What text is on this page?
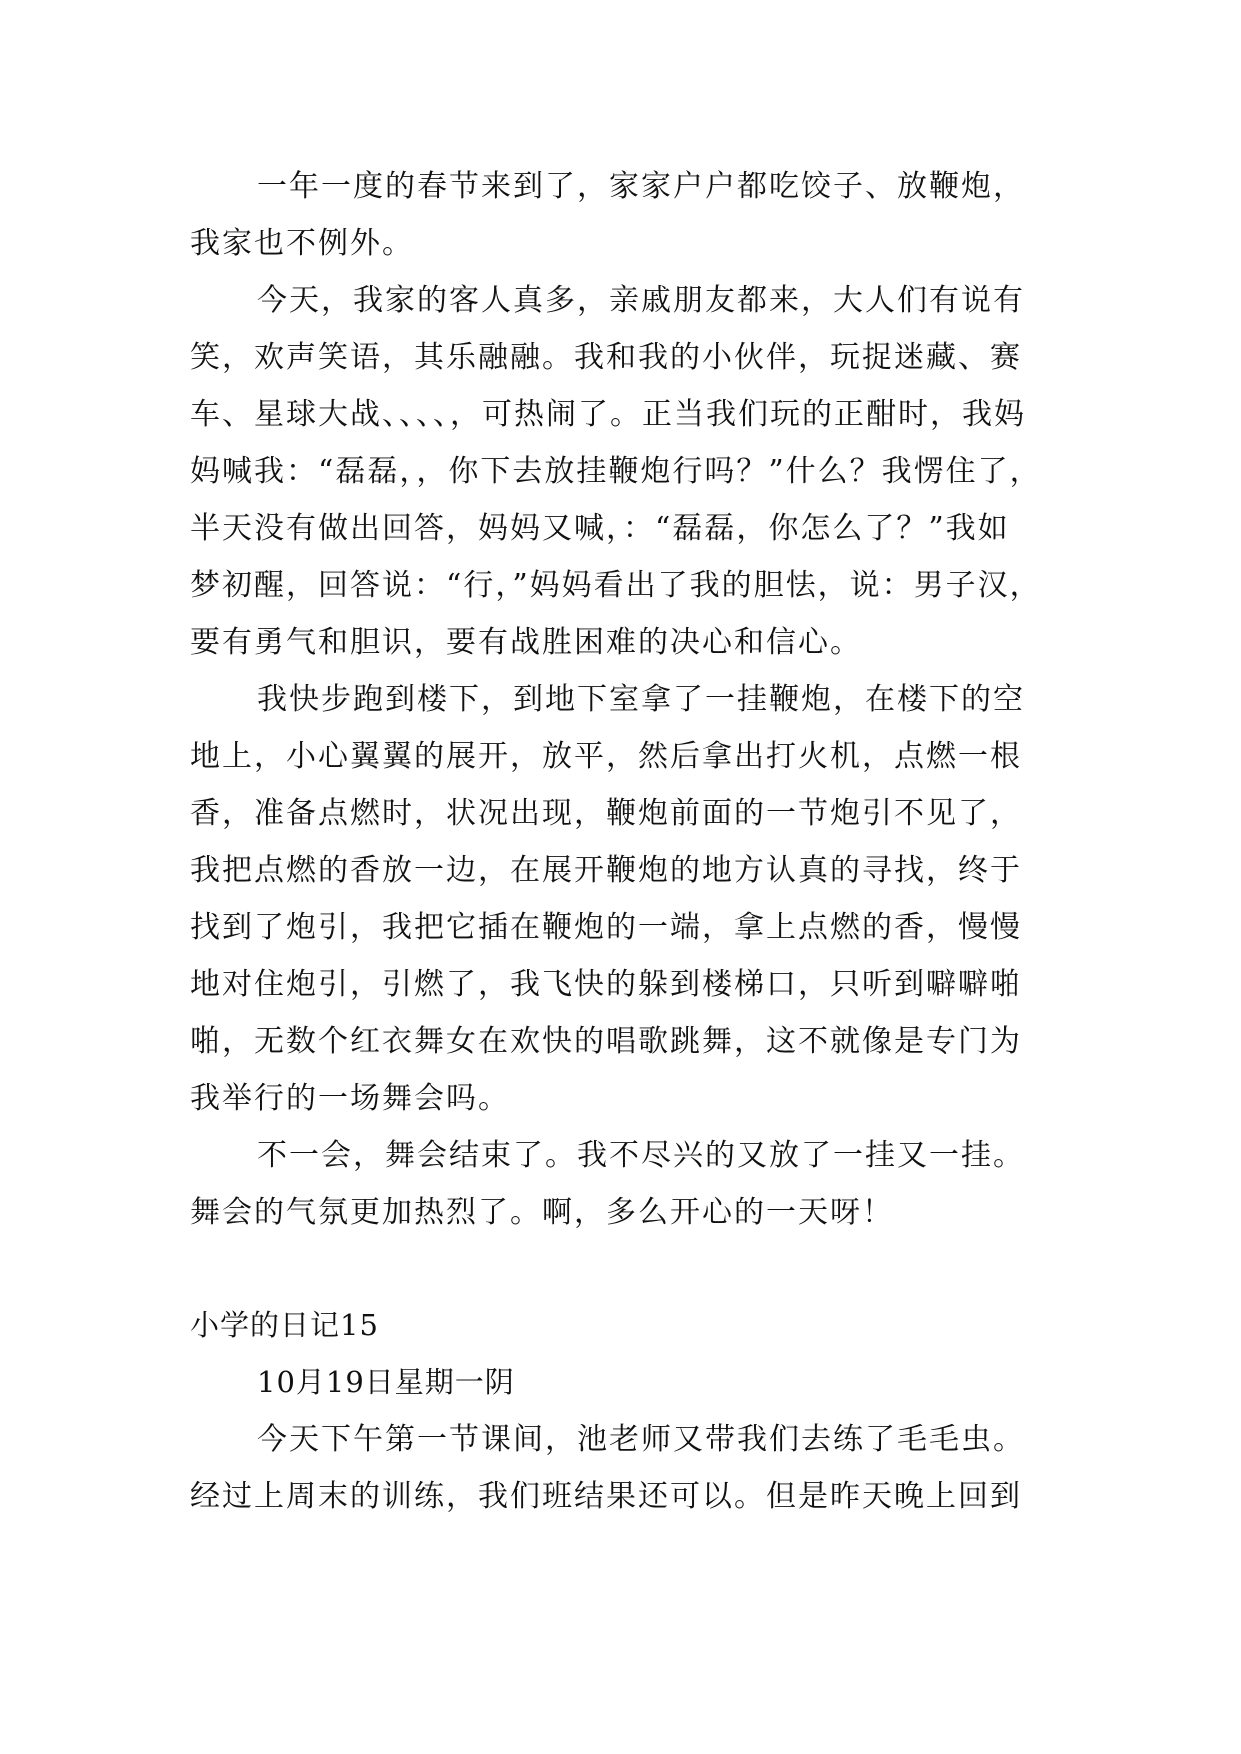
一年一度的春节来到了，家家户户都吃饺子、放鞭炮，
我家也不例外。
今天，我家的客人真多，亲戚朋友都来，大人们有说有
笑，欢声笑语，其乐融融。我和我的小伙伴，玩捉迷藏、赛
车、星球大战、、、、，可热闹了。正当我们玩的正酣时，我妈
妈喊我：“磊磊，，你下去放挂鞭炮行吗？”什么？我愣住了，
半天没有做出回答，妈妈又喊，：“磊磊，你怎么了？”我如
梦初醒，回答说：“行，”妈妈看出了我的胆怯，说：男子汉，
要有勇气和胆识，要有战胜困难的决心和信心。
我快步跑到楼下，到地下室拿了一挂鞭炮，在楼下的空
地上，小心翼翼的展开，放平，然后拿出打火机，点燃一根
香，准备点燃时，状况出现，鞭炮前面的一节炮引不见了，
我把点燃的香放一边，在展开鞭炮的地方认真的寻找，终于
找到了炮引，我把它插在鞭炮的一端，拿上点燃的香，慢慢
地对住炮引，引燃了，我飞快的躲到楼梯口，只听到噼噼啪
啪，无数个红衣舞女在欢快的唱歌跳舞，这不就像是专门为
我举行的一场舞会吗。
不一会，舞会结束了。我不尽兴的又放了一挂又一挂。
舞会的气氛更加热烈了。啊，多么开心的一天呀！
小学的日记15
10月19日星期一阴
今天下午第一节课间，池老师又带我们去练了毛毛虫。
经过上周末的训练，我们班结果还可以。但是昨天晚上回到
